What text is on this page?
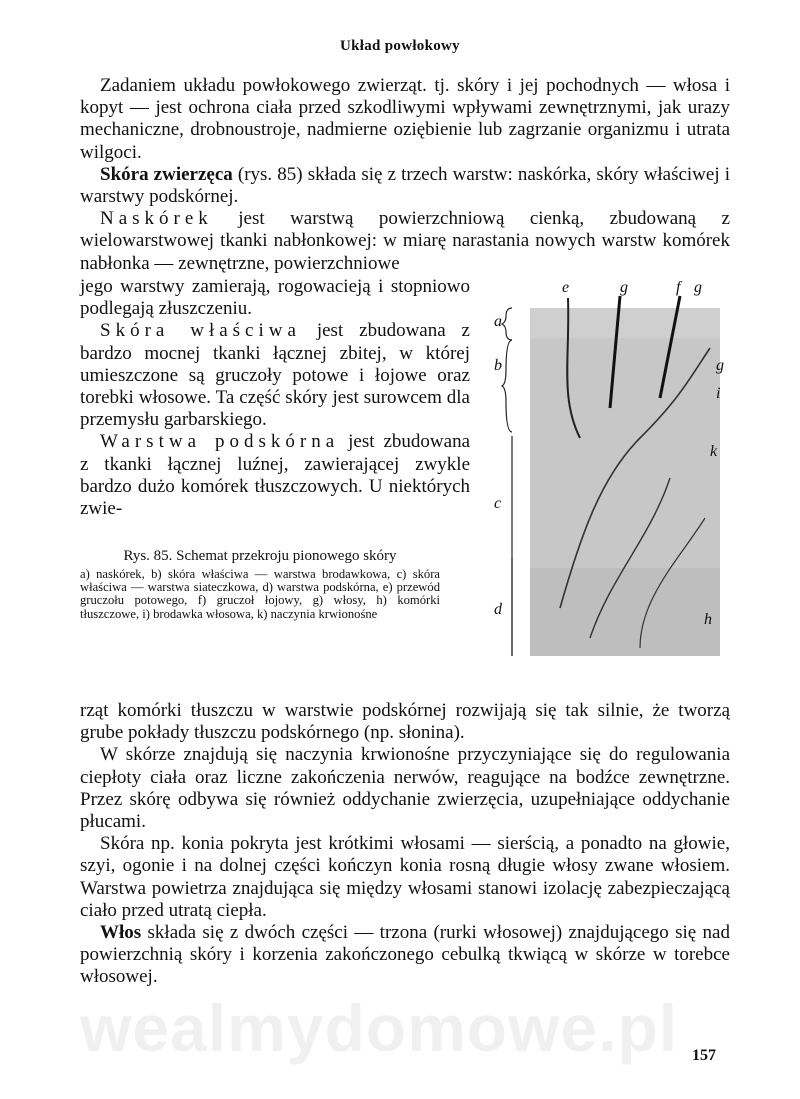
Układ powłokowy

Zadaniem układu powłokowego zwierząt. tj. skóry i jej pochodnych — włosa i kopyt — jest ochrona ciała przed szkodliwymi wpływami zewnętrznymi, jak urazy mechaniczne, drobnoustroje, nadmierne oziębienie lub zagrzanie organizmu i utrata wilgoci.

Skóra zwierzęca (rys. 85) składa się z trzech warstw: naskórka, skóry właściwej i warstwy podskórnej.

Naskórek jest warstwą powierzchniową cienką, zbudowaną z wielowarstwowej tkanki nabłonkowej: w miarę narastania nowych warstw komórek nabłonka — zewnętrzne, powierzchniowe

jego warstwy zamierają, rogowacieją i stopniowo podlegają złuszczeniu.

Skóra właściwa jest zbudowana z bardzo mocnej tkanki łącznej zbitej, w której umieszczone są gruczoły potowe i łojowe oraz torebki włosowe. Ta część skóry jest surowcem dla przemysłu garbarskiego.

Warstwa podskórna jest zbudowana z tkanki łącznej luźnej, zawierającej zwykle bardzo dużo komórek tłuszczowych. U niektórych zwie-

Rys. 85. Schemat przekroju pionowego skóry
a) naskórek, b) skóra właściwa — warstwa brodawkowa, c) skóra właściwa — warstwa siateczkowa, d) warstwa podskórna, e) przewód gruczołu potowego, f) gruczoł łojowy, g) włosy, h) komórki tłuszczowe, i) brodawka włosowa, k) naczynia krwionośne
a
b
c
d
e	g	f g
g
i
k
h

rząt komórki tłuszczu w warstwie podskórnej rozwijają się tak silnie, że tworzą grube pokłady tłuszczu podskórnego (np. słonina).

W skórze znajdują się naczynia krwionośne przyczyniające się do regulowania ciepłoty ciała oraz liczne zakończenia nerwów, reagujące na bodźce zewnętrzne. Przez skórę odbywa się również oddychanie zwierzęcia, uzupełniające oddychanie płucami.

Skóra np. konia pokryta jest krótkimi włosami — sierścią, a ponadto na głowie, szyi, ogonie i na dolnej części kończyn konia rosną długie włosy zwane włosiem. Warstwa powietrza znajdująca się między włosami stanowi izolację zabezpieczającą ciało przed utratą ciepła.

Włos składa się z dwóch części — trzona (rurki włosowej) znajdującego się nad powierzchnią skóry i korzenia zakończonego cebulką tkwiącą w skórze w torebce włosowej.

wealmydomowe.pl 157
